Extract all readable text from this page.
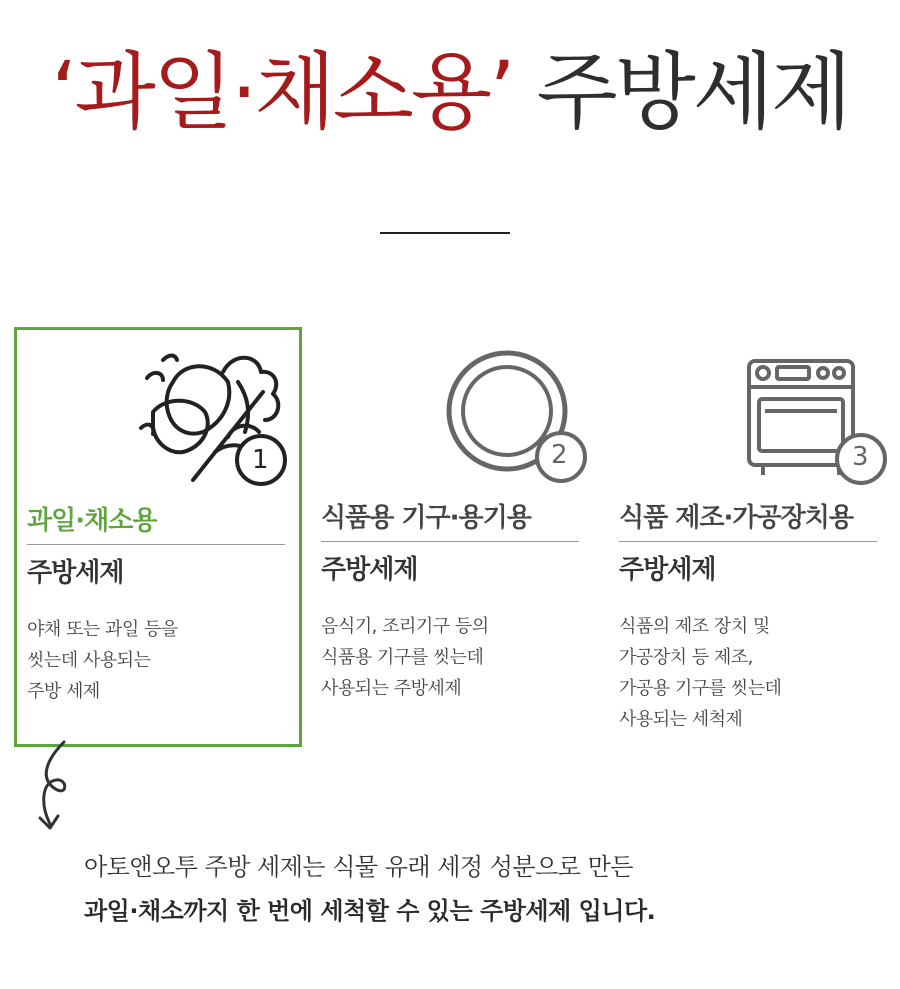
‘과일·채소용’ 주방세제
1
과일·채소용
주방세제
야채 또는 과일 등을
씻는데 사용되는
주방 세제
2
식품용 기구·용기용
주방세제
음식기, 조리기구 등의
식품용 기구를 씻는데
사용되는 주방세제
3
식품 제조·가공장치용
주방세제
식품의 제조 장치 및
가공장치 등 제조,
가공용 기구를 씻는데
사용되는 세척제
아토앤오투 주방 세제는 식물 유래 세정 성분으로 만든
과일·채소까지 한 번에 세척할 수 있는 주방세제 입니다.
